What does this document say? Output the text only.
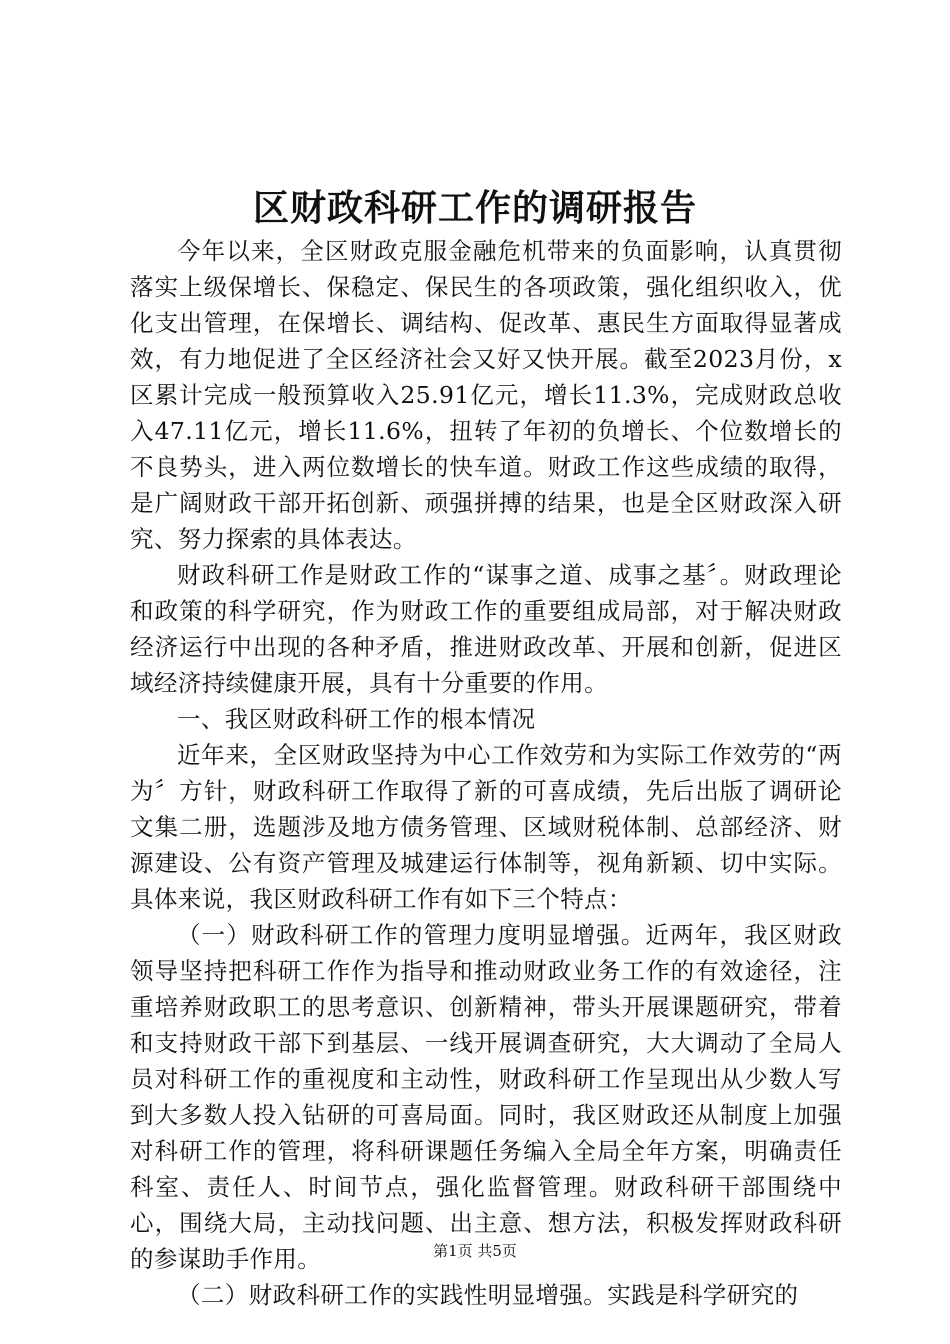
区财政科研工作的调研报告

今年以来，全区财政克服金融危机带来的负面影响，认真贯彻落实上级保增长、保稳定、保民生的各项政策，强化组织收入，优化支出管理，在保增长、调结构、促改革、惠民生方面取得显著成效，有力地促进了全区经济社会又好又快开展。截至2023月份，x区累计完成一般预算收入25.91亿元，增长11.3%，完成财政总收入47.11亿元，增长11.6%，扭转了年初的负增长、个位数增长的不良势头，进入两位数增长的快车道。财政工作这些成绩的取得，是广阔财政干部开拓创新、顽强拼搏的结果，也是全区财政深入研究、努力探索的具体表达。

财政科研工作是财政工作的“谋事之道、成事之基〞。财政理论和政策的科学研究，作为财政工作的重要组成局部，对于解决财政经济运行中出现的各种矛盾，推进财政改革、开展和创新，促进区域经济持续健康开展，具有十分重要的作用。

一、我区财政科研工作的根本情况

近年来，全区财政坚持为中心工作效劳和为实际工作效劳的“两为〞方针，财政科研工作取得了新的可喜成绩，先后出版了调研论文集二册，选题涉及地方债务管理、区域财税体制、总部经济、财源建设、公有资产管理及城建运行体制等，视角新颖、切中实际。具体来说，我区财政科研工作有如下三个特点：

（一）财政科研工作的管理力度明显增强。近两年，我区财政领导坚持把科研工作作为指导和推动财政业务工作的有效途径，注重培养财政职工的思考意识、创新精神，带头开展课题研究，带着和支持财政干部下到基层、一线开展调查研究，大大调动了全局人员对科研工作的重视度和主动性，财政科研工作呈现出从少数人写到大多数人投入钻研的可喜局面。同时，我区财政还从制度上加强对科研工作的管理，将科研课题任务编入全局全年方案，明确责任科室、责任人、时间节点，强化监督管理。财政科研干部围绕中心，围绕大局，主动找问题、出主意、想方法，积极发挥财政科研的参谋助手作用。

（二）财政科研工作的实践性明显增强。实践是科学研究的

第1页 共5页
